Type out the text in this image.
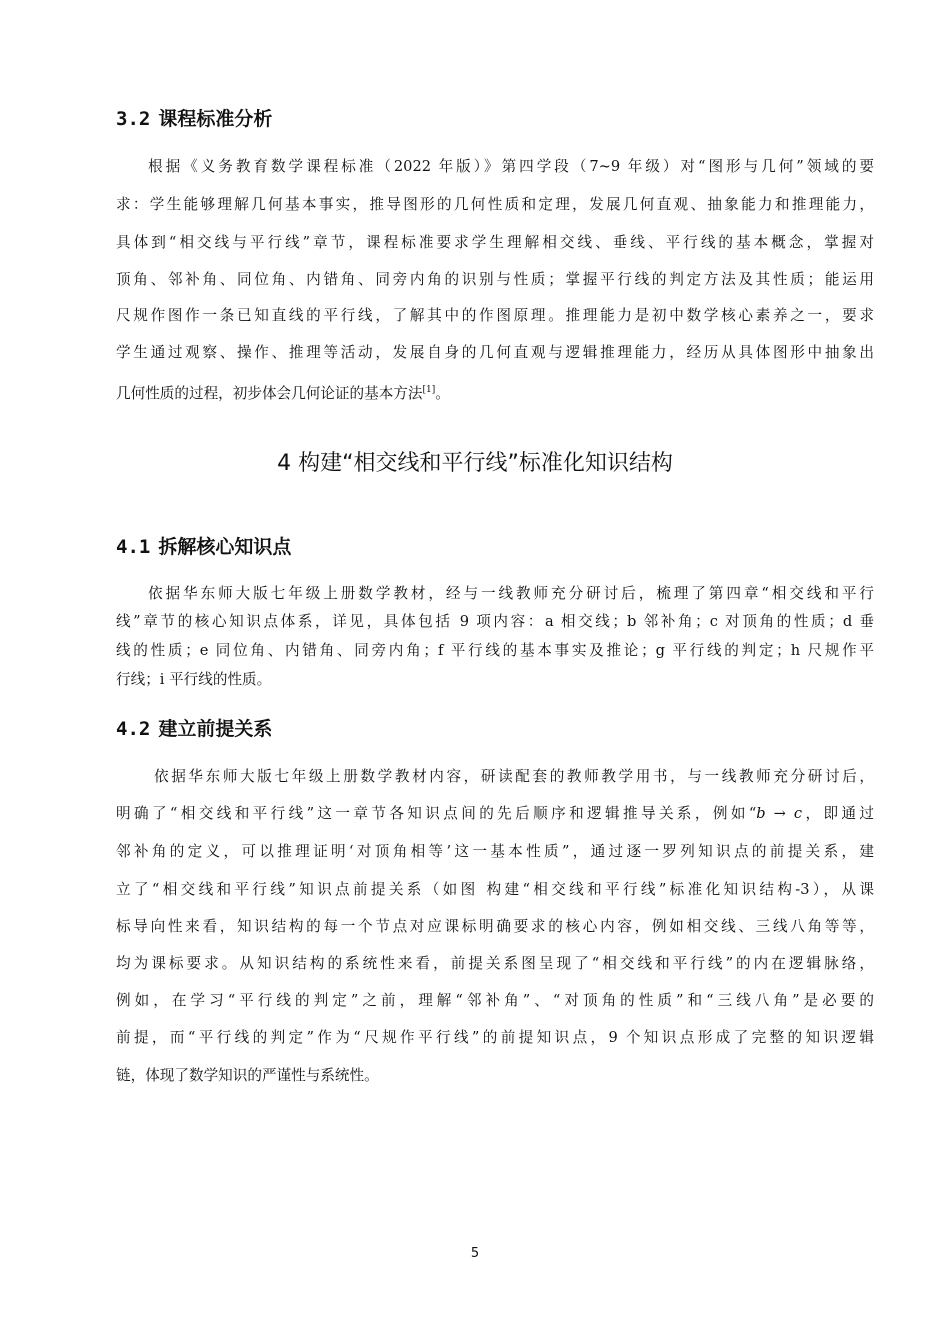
3.2 课程标准分析
根据《义务教育数学课程标准（2022 年版）》第四学段（7~9 年级）对“图形与几何”领域的要
求：学生能够理解几何基本事实，推导图形的几何性质和定理，发展几何直观、抽象能力和推理能力，
具体到“相交线与平行线”章节，课程标准要求学生理解相交线、垂线、平行线的基本概念，掌握对
顶角、邻补角、同位角、内错角、同旁内角的识别与性质；掌握平行线的判定方法及其性质；能运用
尺规作图作一条已知直线的平行线，了解其中的作图原理。推理能力是初中数学核心素养之一，要求
学生通过观察、操作、推理等活动，发展自身的几何直观与逻辑推理能力，经历从具体图形中抽象出
几何性质的过程，初步体会几何论证的基本方法[1]。
4 构建“相交线和平行线”标准化知识结构
4.1 拆解核心知识点
依据华东师大版七年级上册数学教材，经与一线教师充分研讨后，梳理了第四章“相交线和平行
线”章节的核心知识点体系，详见，具体包括 9 项内容：a 相交线；b 邻补角；c 对顶角的性质；d 垂
线的性质；e 同位角、内错角、同旁内角；f 平行线的基本事实及推论；g 平行线的判定；h 尺规作平
行线；i 平行线的性质。
4.2 建立前提关系
依据华东师大版七年级上册数学教材内容，研读配套的教师教学用书，与一线教师充分研讨后，
明确了“相交线和平行线”这一章节各知识点间的先后顺序和逻辑推导关系，例如“b → c，即通过
邻补角的定义，可以推理证明‘对顶角相等’这一基本性质”，通过逐一罗列知识点的前提关系，建
立了“相交线和平行线”知识点前提关系（如图 构建“相交线和平行线”标准化知识结构-3），从课
标导向性来看，知识结构的每一个节点对应课标明确要求的核心内容，例如相交线、三线八角等等，
均为课标要求。从知识结构的系统性来看，前提关系图呈现了“相交线和平行线”的内在逻辑脉络，
例如，在学习“平行线的判定”之前，理解“邻补角”、“对顶角的性质”和“三线八角”是必要的
前提，而“平行线的判定”作为“尺规作平行线”的前提知识点，9 个知识点形成了完整的知识逻辑
链，体现了数学知识的严谨性与系统性。
5
